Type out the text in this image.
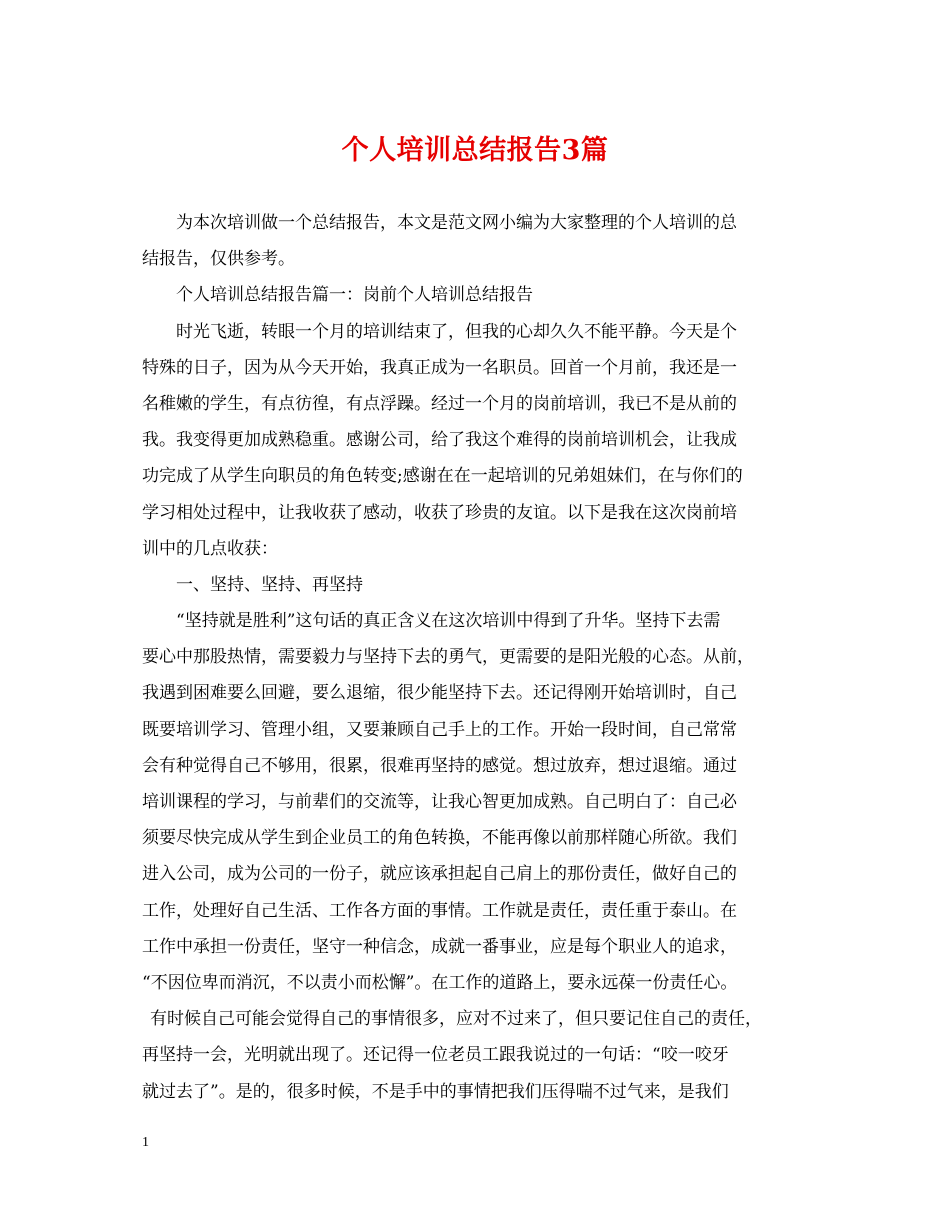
个人培训总结报告3篇
为本次培训做一个总结报告，本文是范文网小编为大家整理的个人培训的总
结报告，仅供参考。
个人培训总结报告篇一：岗前个人培训总结报告
时光飞逝，转眼一个月的培训结束了，但我的心却久久不能平静。今天是个
特殊的日子，因为从今天开始，我真正成为一名职员。回首一个月前，我还是一
名稚嫩的学生，有点彷徨，有点浮躁。经过一个月的岗前培训，我已不是从前的
我。我变得更加成熟稳重。感谢公司，给了我这个难得的岗前培训机会，让我成
功完成了从学生向职员的角色转变;感谢在在一起培训的兄弟姐妹们，在与你们的
学习相处过程中，让我收获了感动，收获了珍贵的友谊。以下是我在这次岗前培
训中的几点收获：
一、坚持、坚持、再坚持
“坚持就是胜利”这句话的真正含义在这次培训中得到了升华。坚持下去需
要心中那股热情，需要毅力与坚持下去的勇气，更需要的是阳光般的心态。从前，
我遇到困难要么回避，要么退缩，很少能坚持下去。还记得刚开始培训时，自己
既要培训学习、管理小组，又要兼顾自己手上的工作。开始一段时间，自己常常
会有种觉得自己不够用，很累，很难再坚持的感觉。想过放弃，想过退缩。通过
培训课程的学习，与前辈们的交流等，让我心智更加成熟。自己明白了：自己必
须要尽快完成从学生到企业员工的角色转换，不能再像以前那样随心所欲。我们
进入公司，成为公司的一份子，就应该承担起自己肩上的那份责任，做好自己的
工作，处理好自己生活、工作各方面的事情。工作就是责任，责任重于泰山。在
工作中承担一份责任，坚守一种信念，成就一番事业，应是每个职业人的追求，
“不因位卑而消沉，不以责小而松懈”。在工作的道路上，要永远葆一份责任心。
有时候自己可能会觉得自己的事情很多，应对不过来了，但只要记住自己的责任，
再坚持一会，光明就出现了。还记得一位老员工跟我说过的一句话：“咬一咬牙
就过去了”。是的，很多时候，不是手中的事情把我们压得喘不过气来，是我们
1
